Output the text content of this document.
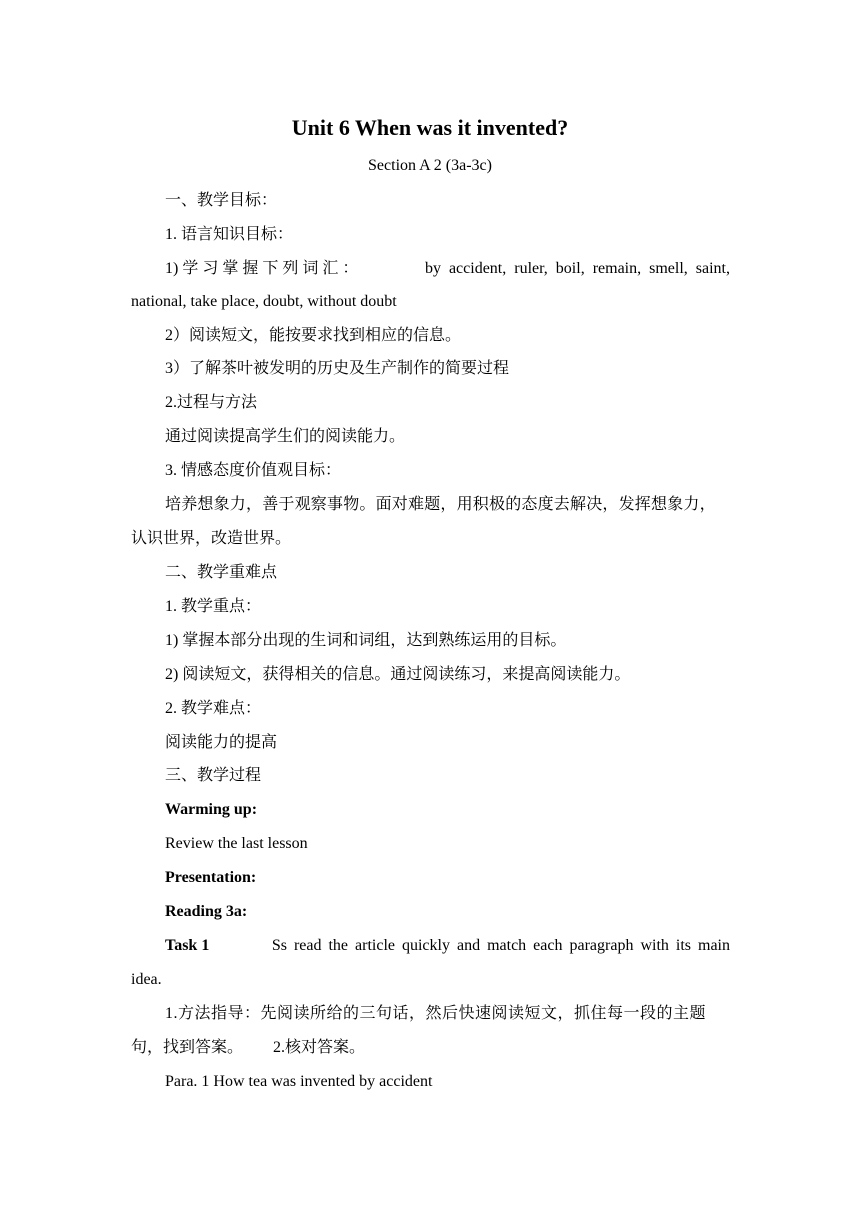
Unit 6 When was it invented?
Section A 2 (3a-3c)
一、教学目标：
1. 语言知识目标：
1) 学 习 掌 握 下 列 词 汇 ：	by accident, ruler, boil, remain, smell, saint,
national, take place, doubt, without doubt
2）阅读短文，能按要求找到相应的信息。
3）了解茶叶被发明的历史及生产制作的简要过程
2.过程与方法
通过阅读提高学生们的阅读能力。
3. 情感态度价值观目标：
培养想象力，善于观察事物。面对难题，用积极的态度去解决，发挥想象力，
认识世界，改造世界。
二、教学重难点
1. 教学重点：
1) 掌握本部分出现的生词和词组，达到熟练运用的目标。
2) 阅读短文，获得相关的信息。通过阅读练习，来提高阅读能力。
2. 教学难点：
阅读能力的提高
三、教学过程
Warming up:
Review the last lesson
Presentation:
Reading 3a:
Task 1	Ss read the article quickly and match each paragraph with its main
idea.
1.方法指导：先阅读所给的三句话，然后快速阅读短文，抓住每一段的主题
句，找到答案。 2.核对答案。
Para. 1 How tea was invented by accident
